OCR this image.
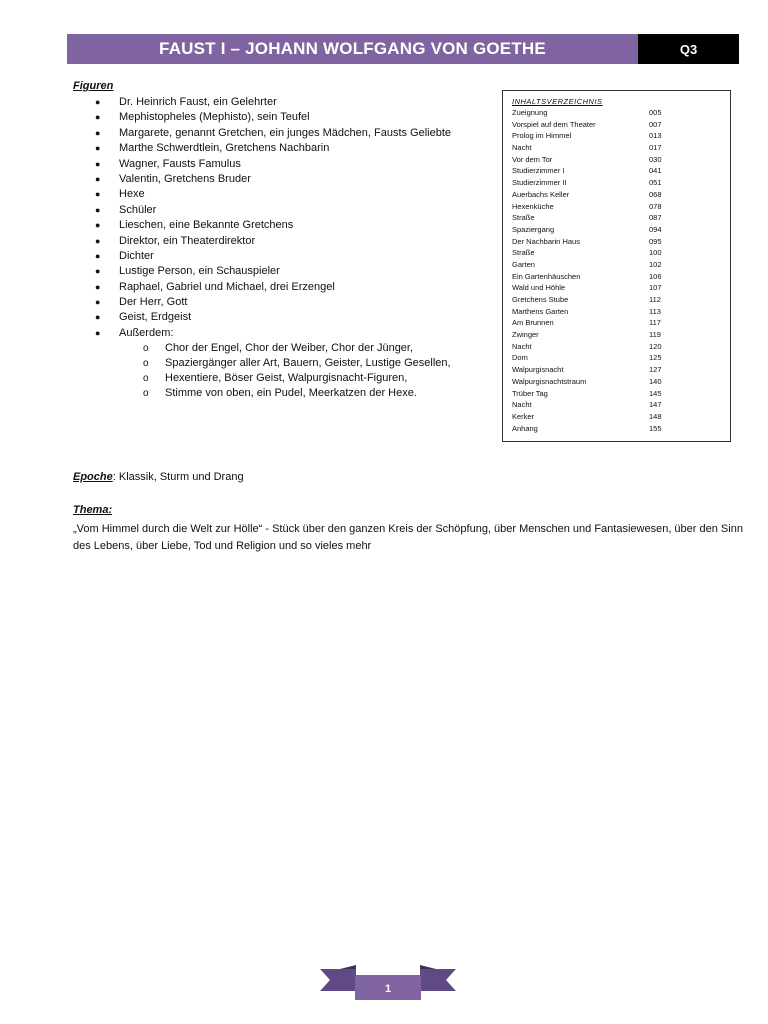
FAUST I – JOHANN WOLFGANG VON GOETHE	Q3
Figuren
● Dr. Heinrich Faust, ein Gelehrter
● Mephistopheles (Mephisto), sein Teufel
● Margarete, genannt Gretchen, ein junges Mädchen, Fausts Geliebte
● Marthe Schwerdtlein, Gretchens Nachbarin
● Wagner, Fausts Famulus
● Valentin, Gretchens Bruder
● Hexe
● Schüler
● Lieschen, eine Bekannte Gretchens
● Direktor, ein Theaterdirektor
● Dichter
● Lustige Person, ein Schauspieler
● Raphael, Gabriel und Michael, drei Erzengel
● Der Herr, Gott
● Geist, Erdgeist
● Außerdem:
o Chor der Engel, Chor der Weiber, Chor der Jünger,
o Spaziergänger aller Art, Bauern, Geister, Lustige Gesellen,
o Hexentiere, Böser Geist, Walpurgisnacht-Figuren,
o Stimme von oben, ein Pudel, Meerkatzen der Hexe.
INHALTSVERZEICHNIS
Zueignung	005
Vorspiel auf dem Theater	007
Prolog im Himmel	013
Nacht	017
Vor dem Tor	030
Studierzimmer I	041
Studierzimmer II	051
Auerbachs Keller	068
Hexenküche	078
Straße	087
Spaziergang	094
Der Nachbarin Haus	095
Straße	100
Garten	102
Ein Gartenhäuschen	106
Wald und Höhle	107
Gretchens Stube	112
Marthens Garten	113
Am Brunnen	117
Zwinger	119
Nacht	120
Dom	125
Walpurgisnacht	127
Walpurgisnachtstraum	140
Trüber Tag	145
Nacht	147
Kerker	148
Anhang	155
Epoche: Klassik, Sturm und Drang
Thema:
„Vom Himmel durch die Welt zur Hölle“ - Stück über den ganzen Kreis der Schöpfung, über Menschen und Fantasiewesen, über den Sinn des Lebens, über Liebe, Tod und Religion und so vieles mehr
1
